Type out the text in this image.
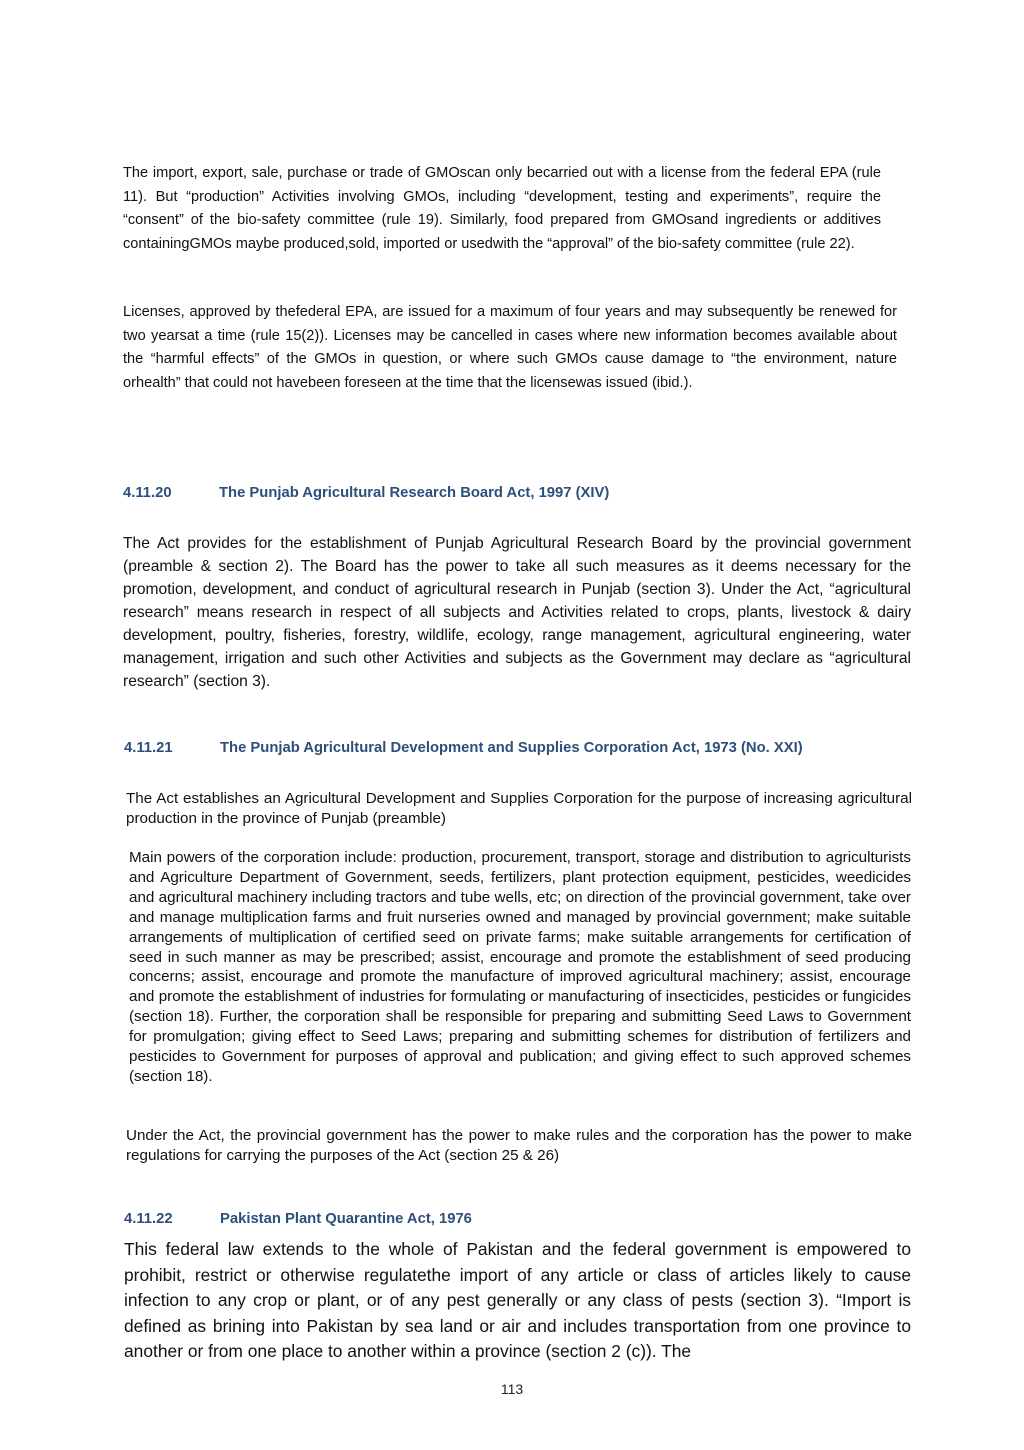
The import, export, sale, purchase or trade of GMOscan only becarried out with a license from the federal EPA (rule 11). But “production” Activities involving GMOs, including “development, testing and experiments”, require the “consent” of the bio-safety committee (rule 19). Similarly, food prepared from GMOsand ingredients or additives containingGMOs maybe produced,sold, imported or usedwith the “approval” of the bio-safety committee (rule 22).

Licenses, approved by thefederal EPA, are issued for a maximum of four years and may subsequently be renewed for two yearsat a time (rule 15(2)). Licenses may be cancelled in cases where new information becomes available about the “harmful effects” of the GMOs in question, or where such GMOs cause damage to “the environment, nature orhealth” that could not havebeen foreseen at the time that the licensewas issued (ibid.).

4.11.20	The Punjab Agricultural Research Board Act, 1997 (XIV)

The Act provides for the establishment of Punjab Agricultural Research Board by the provincial government (preamble & section 2). The Board has the power to take all such measures as it deems necessary for the promotion, development, and conduct of agricultural research in Punjab (section 3). Under the Act, “agricultural research” means research in respect of all subjects and Activities related to crops, plants, livestock & dairy development, poultry, fisheries, forestry, wildlife, ecology, range management, agricultural engineering, water management, irrigation and such other Activities and subjects as the Government may declare as “agricultural research” (section 3).

4.11.21	The Punjab Agricultural Development and Supplies Corporation Act, 1973 (No. XXI)

The Act establishes an Agricultural Development and Supplies Corporation for the purpose of increasing agricultural production in the province of Punjab (preamble)

Main powers of the corporation include: production, procurement, transport, storage and distribution to agriculturists and Agriculture Department of Government, seeds, fertilizers, plant protection equipment, pesticides, weedicides and agricultural machinery including tractors and tube wells, etc; on direction of the provincial government, take over and manage multiplication farms and fruit nurseries owned and managed by provincial government; make suitable arrangements of multiplication of certified seed on private farms; make suitable arrangements for certification of seed in such manner as may be prescribed; assist, encourage and promote the establishment of seed producing concerns; assist, encourage and promote the manufacture of improved agricultural machinery; assist, encourage and promote the establishment of industries for formulating or manufacturing of insecticides, pesticides or fungicides (section 18). Further, the corporation shall be responsible for preparing and submitting Seed Laws to Government for promulgation; giving effect to Seed Laws; preparing and submitting schemes for distribution of fertilizers and pesticides to Government for purposes of approval and publication; and giving effect to such approved schemes (section 18).

Under the Act, the provincial government has the power to make rules and the corporation has the power to make regulations for carrying the purposes of the Act (section 25 & 26)

4.11.22	Pakistan Plant Quarantine Act, 1976

This federal law extends to the whole of Pakistan and the federal government is empowered to prohibit, restrict or otherwise regulatethe import of any article or class of articles likely to cause infection to any crop or plant, or of any pest generally or any class of pests (section 3). “Import is defined as brining into Pakistan by sea land or air and includes transportation from one province to another or from one place to another within a province (section 2 (c)). The

113
